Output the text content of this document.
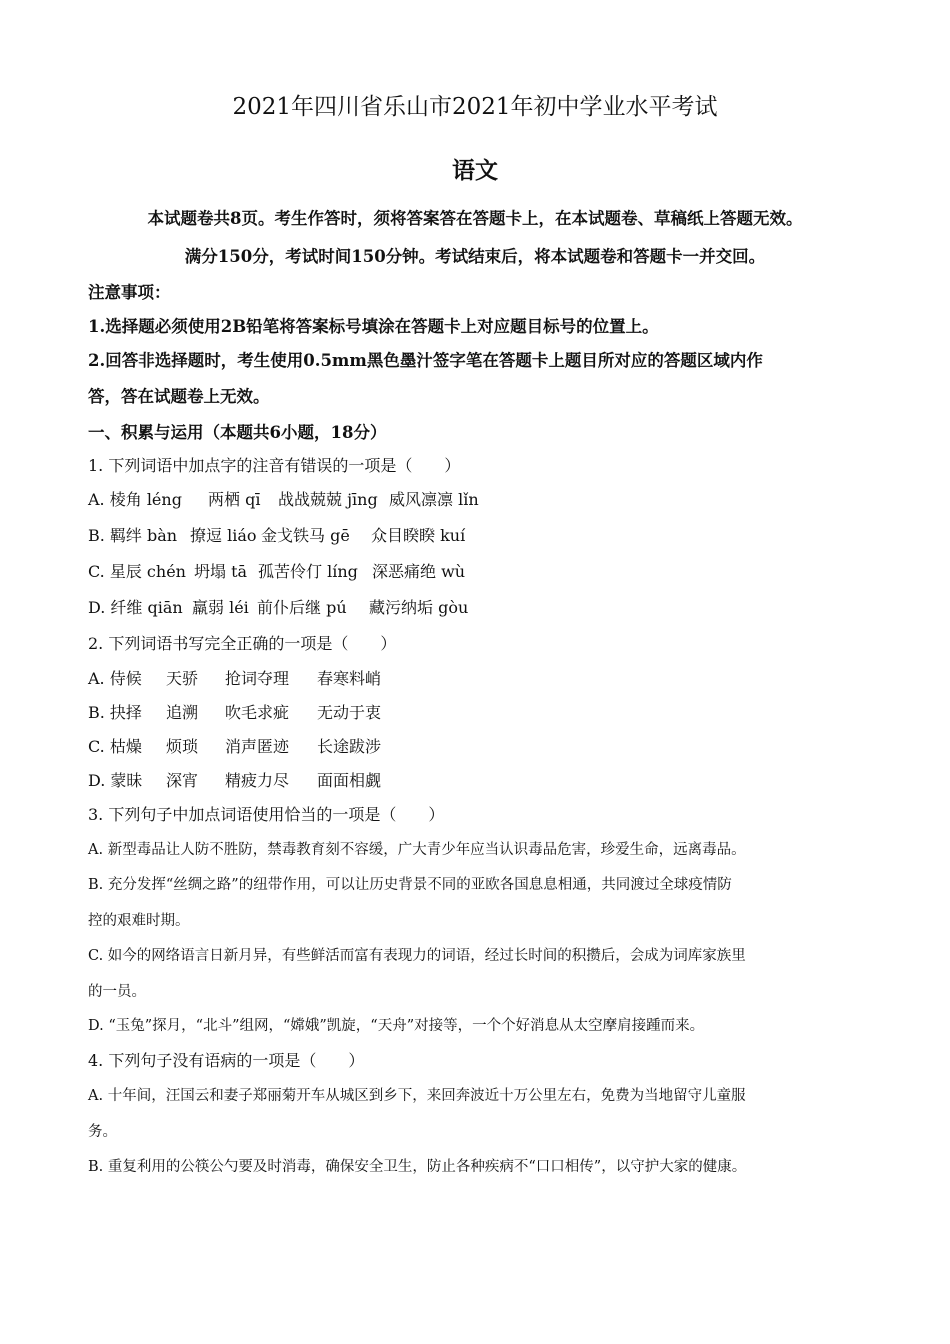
2021年四川省乐山市2021年初中学业水平考试
语文
本试题卷共8页。考生作答时，须将答案答在答题卡上，在本试题卷、草稿纸上答题无效。
满分150分，考试时间150分钟。考试结束后，将本试题卷和答题卡一并交回。
注意事项：
1.选择题必须使用2B铅笔将答案标号填涂在答题卡上对应题目标号的位置上。
2.回答非选择题时，考生使用0.5mm黑色墨汁签字笔在答题卡上题目所对应的答题区域内作
答，答在试题卷上无效。
一、积累与运用（本题共6小题，18分）
1. 下列词语中加点字的注音有错误的一项是（　　）
A. 棱角 léng 两栖 qī 战战兢兢 jīng 威风凛凛 lǐn
B. 羁绊 bàn 撩逗 liáo 金戈铁马 gē 众目睽睽 kuí
C. 星辰 chén 坍塌 tā 孤苦伶仃 líng 深恶痛绝 wù
D. 纤维 qiān 羸弱 léi 前仆后继 pú 藏污纳垢 gòu
2. 下列词语书写完全正确的一项是（　　）
A. 侍候 天骄 抢词夺理 春寒料峭
B. 抉择 追溯 吹毛求疵 无动于衷
C. 枯燥 烦琐 消声匿迹 长途跋涉
D. 蒙昧 深宵 精疲力尽 面面相觑
3. 下列句子中加点词语使用恰当的一项是（　　）
A. 新型毒品让人防不胜防，禁毒教育刻不容缓，广大青少年应当认识毒品危害，珍爱生命，远离毒品。
B. 充分发挥“丝绸之路”的纽带作用，可以让历史背景不同的亚欧各国息息相通，共同渡过全球疫情防
控的艰难时期。
C. 如今的网络语言日新月异，有些鲜活而富有表现力的词语，经过长时间的积攒后，会成为词库家族里
的一员。
D. “玉兔”探月，“北斗”组网，“嫦娥”凯旋，“天舟”对接等，一个个好消息从太空摩肩接踵而来。
4. 下列句子没有语病的一项是（　　）
A. 十年间，汪国云和妻子郑丽菊开车从城区到乡下，来回奔波近十万公里左右，免费为当地留守儿童服
务。
B. 重复利用的公筷公勺要及时消毒，确保安全卫生，防止各种疾病不“口口相传”，以守护大家的健康。
